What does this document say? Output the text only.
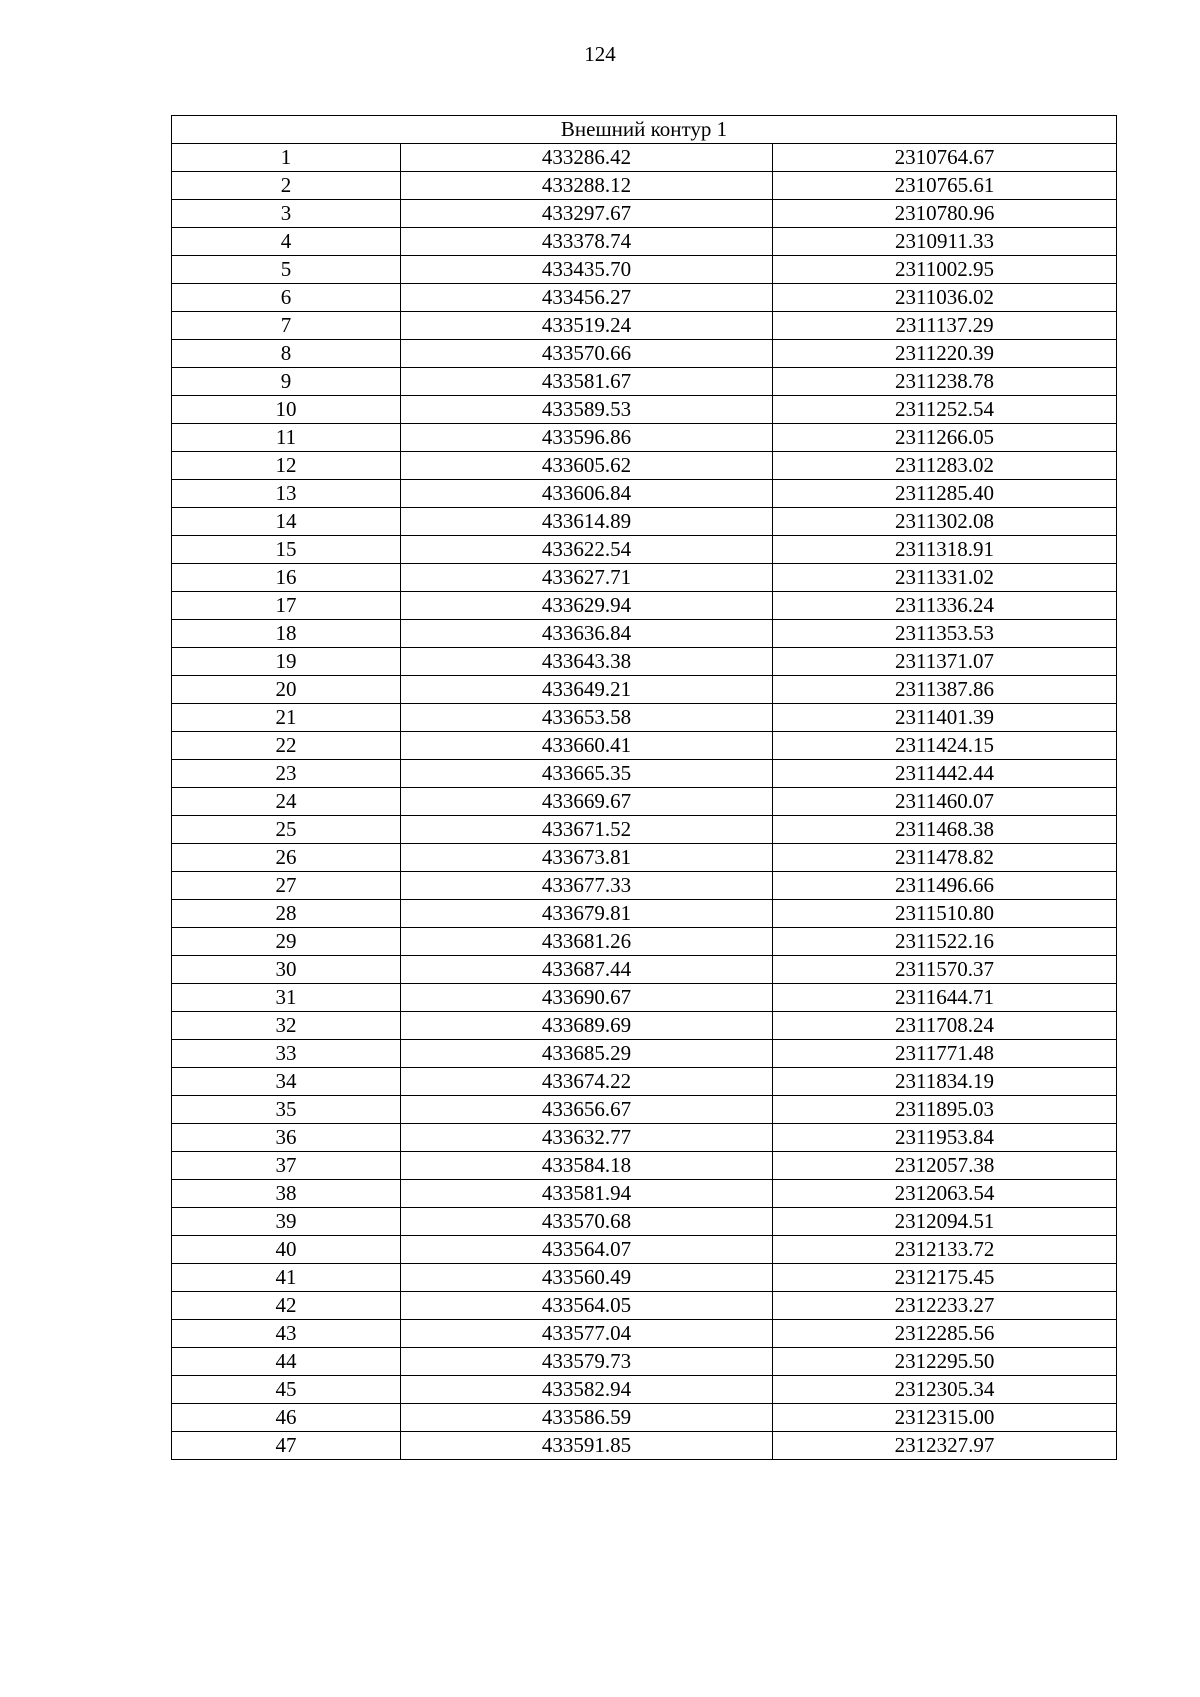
124
Внешний контур 1		
1	433286.42	2310764.67
2	433288.12	2310765.61
3	433297.67	2310780.96
4	433378.74	2310911.33
5	433435.70	2311002.95
6	433456.27	2311036.02
7	433519.24	2311137.29
8	433570.66	2311220.39
9	433581.67	2311238.78
10	433589.53	2311252.54
11	433596.86	2311266.05
12	433605.62	2311283.02
13	433606.84	2311285.40
14	433614.89	2311302.08
15	433622.54	2311318.91
16	433627.71	2311331.02
17	433629.94	2311336.24
18	433636.84	2311353.53
19	433643.38	2311371.07
20	433649.21	2311387.86
21	433653.58	2311401.39
22	433660.41	2311424.15
23	433665.35	2311442.44
24	433669.67	2311460.07
25	433671.52	2311468.38
26	433673.81	2311478.82
27	433677.33	2311496.66
28	433679.81	2311510.80
29	433681.26	2311522.16
30	433687.44	2311570.37
31	433690.67	2311644.71
32	433689.69	2311708.24
33	433685.29	2311771.48
34	433674.22	2311834.19
35	433656.67	2311895.03
36	433632.77	2311953.84
37	433584.18	2312057.38
38	433581.94	2312063.54
39	433570.68	2312094.51
40	433564.07	2312133.72
41	433560.49	2312175.45
42	433564.05	2312233.27
43	433577.04	2312285.56
44	433579.73	2312295.50
45	433582.94	2312305.34
46	433586.59	2312315.00
47	433591.85	2312327.97
